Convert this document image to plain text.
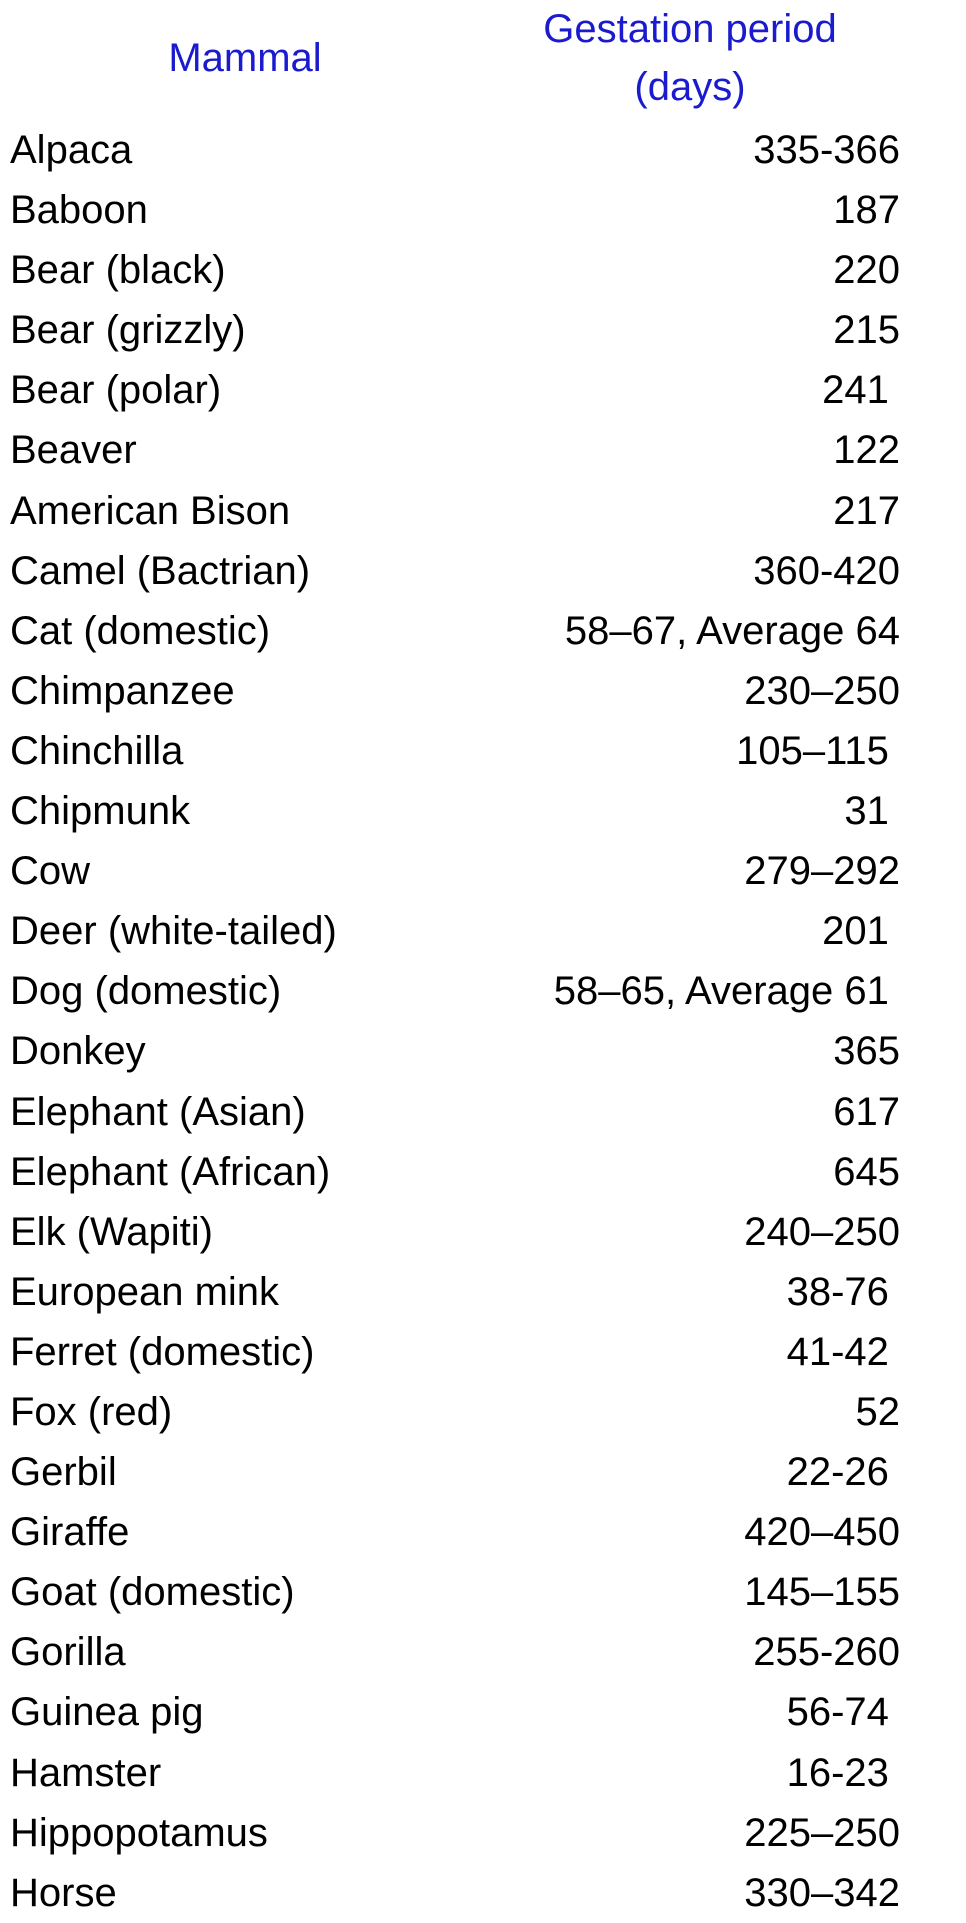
Mammal
Gestation period
(days)
Alpaca	335-366
Baboon	187
Bear (black)	220
Bear (grizzly)	215
Bear (polar)	241
Beaver	122
American Bison	217
Camel (Bactrian)	360-420
Cat (domestic)	58–67, Average 64
Chimpanzee	230–250
Chinchilla	105–115
Chipmunk	31
Cow	279–292
Deer (white-tailed)	201
Dog (domestic)	58–65, Average 61
Donkey	365
Elephant (Asian)	617
Elephant (African)	645
Elk (Wapiti)	240–250
European mink	38-76
Ferret (domestic)	41-42
Fox (red)	52
Gerbil	22-26
Giraffe	420–450
Goat (domestic)	145–155
Gorilla	255-260
Guinea pig	56-74
Hamster	16-23
Hippopotamus	225–250
Horse	330–342
